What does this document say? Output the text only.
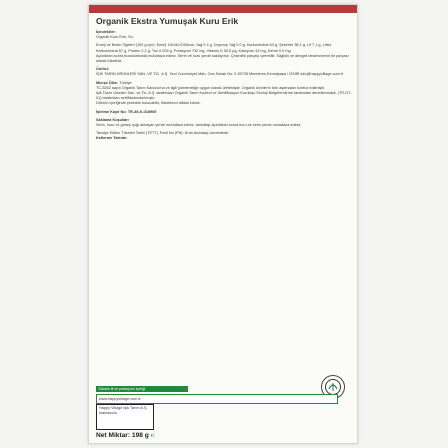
Organik Ekstra Yumuşak Kuru Erik
İçindekiler:
Organik Kuru Erik, Su
Enerji ve Besin Öğeleri (100 g için): Enerji 1004kJ/240kcal, Yağ 0.4 g, Doymuş Yağ 0.0 g, Karbonhidrat 64 g, Şekerler 38.1 g, Lif 7.1 g, Lifsiz Karbonhidrat 57 g, Protein 2.2 g, Tuz 0.005 g, Potasyum 732 mg, Vitamin K 59.5 µg, Kalsiyum 43 mg, Demir 0.9 mg
Açıldıktan sonra buzdolabında muhafaza ediniz. Serin ve kuru yerde saklayınız. Çekirdek parçası içerebilir. Sağlıklı ve dengeli beslenmenin bir parçası olarak tüketiniz.
Üretici:
İŞİK TARIM ÜRÜNLERİ SAN. VE TİC. A.Ş. Yeni Cumhuriyet Mah. Ova Sokak No: 9 35735 Menderes Kemalpaşa / İZMİR info@happyvillage.com.tr
Menşe Ülke: Türkiye
TC-5262 sayılı Organik Tarım Kanunu'na ve ilgili yönetmeliğe uygun olarak üretilmiştir. Organik ürünlerin tüm aşamaları kontrol edilmiştir.
İşik Tarım Ürünleri San. ve Tic. A.Ş. tarafından Organik Tarım Kontrol ve Sertifikasyon Kuruluşu Ekoloji Belgelendirme tarafından denetlenmiştir. (TR-OT-01) tarafından sertifikalandırılmıştır.
Ürünün içeriğinde çekirdek bulunabilir, tüketirken dikkat ediniz.
İşletme Kayıt No: TR-35-K-018905
Saklama Koşulları
Serin, kuru ve güneş ışığı almayan yerde muhafaza ediniz. Ambalajı açıldıktan sonra kuru ve serin yerde muhafaza ediniz.
Tavsiye Edilen Tüketim Tarihi (TETT): Parti No (PN): Ürün Ambalajı üzerindedir.
Ketlerme Taleratı
Yüksek lif ve potasyum içeriği
www.happyvillage.com.tr
Happy Village İşik Tarım A.Ş. markasıdır.
Net Miktar: 198 g ℮
